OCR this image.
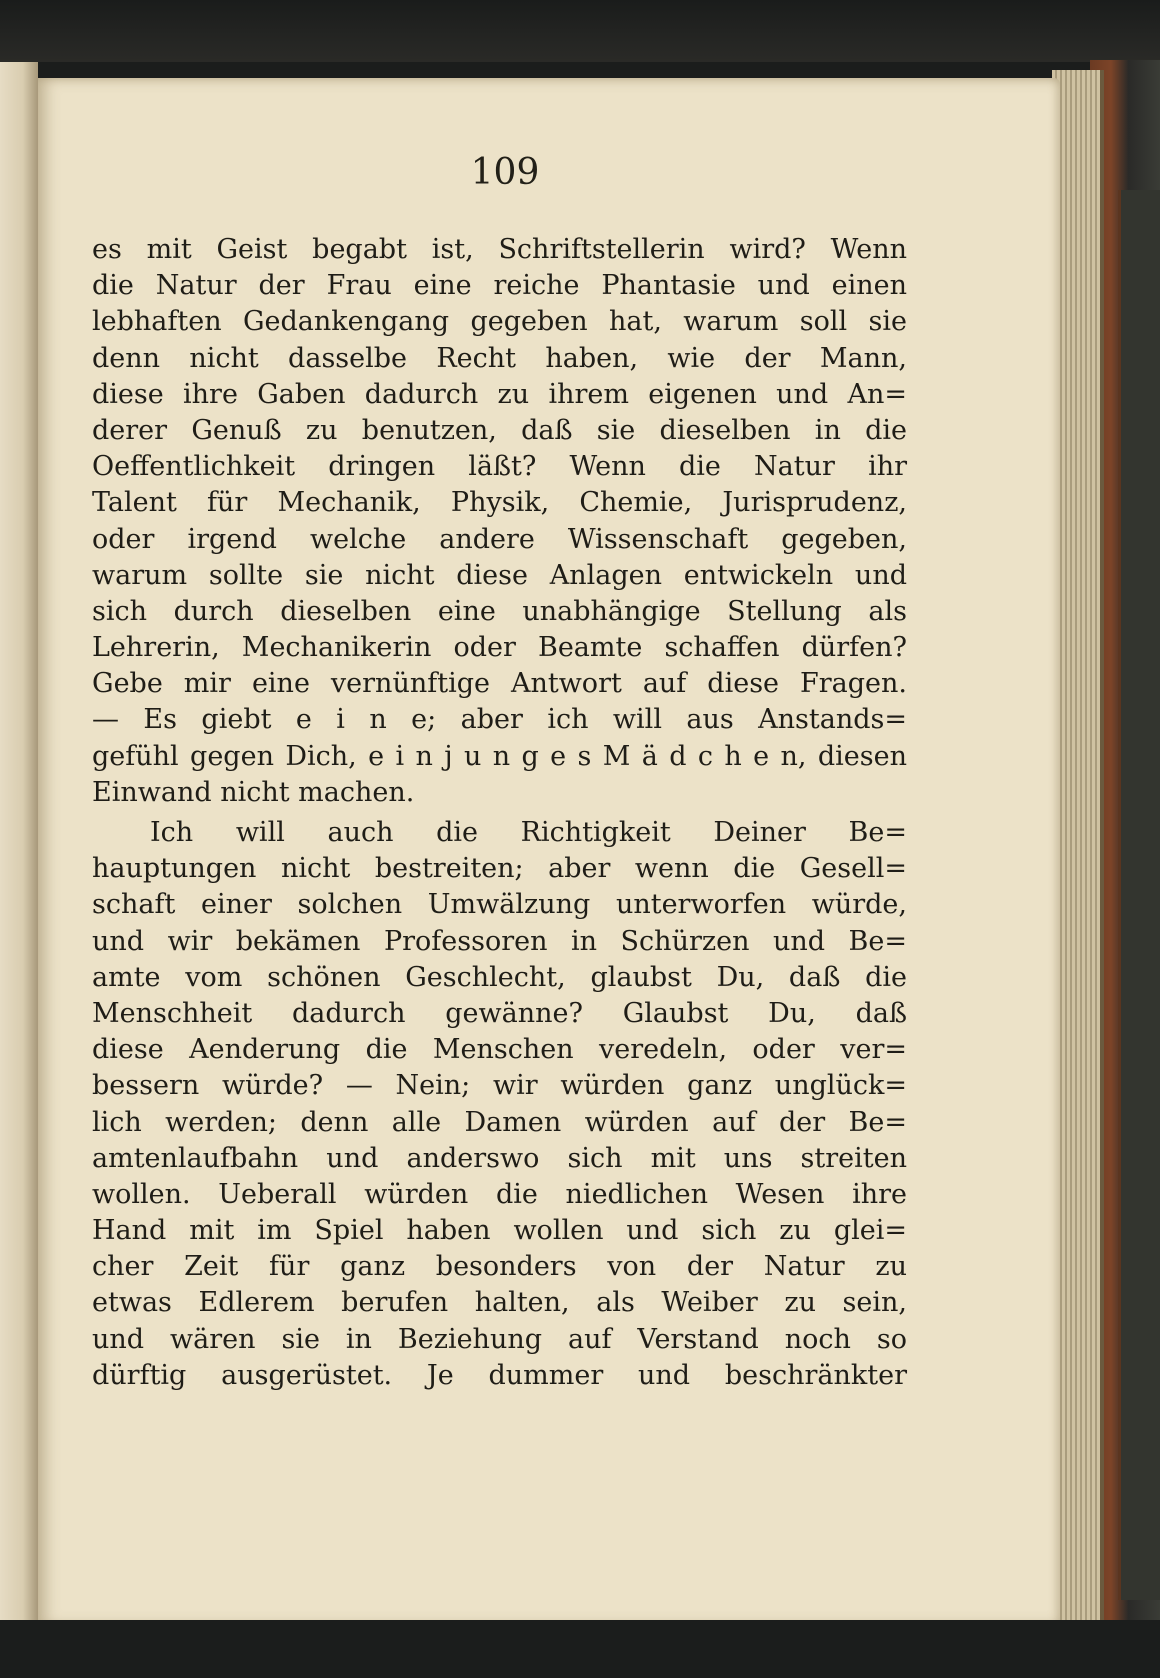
109
es mit Geist begabt ist, Schriftstellerin wird? Wenn
die Natur der Frau eine reiche Phantasie und einen
lebhaften Gedankengang gegeben hat, warum soll sie
denn nicht dasselbe Recht haben, wie der Mann,
diese ihre Gaben dadurch zu ihrem eigenen und An=
derer Genuß zu benutzen, daß sie dieselben in die
Oeffentlichkeit dringen läßt? Wenn die Natur ihr
Talent für Mechanik, Physik, Chemie, Jurisprudenz,
oder irgend welche andere Wissenschaft gegeben,
warum sollte sie nicht diese Anlagen entwickeln und
sich durch dieselben eine unabhängige Stellung als
Lehrerin, Mechanikerin oder Beamte schaffen dürfen?
Gebe mir eine vernünftige Antwort auf diese Fragen.
— Es giebt e i n e; aber ich will aus Anstands=
gefühl gegen Dich, e i n j u n g e s M ä d c h e n, diesen
Einwand nicht machen.
Ich will auch die Richtigkeit Deiner Be=
hauptungen nicht bestreiten; aber wenn die Gesell=
schaft einer solchen Umwälzung unterworfen würde,
und wir bekämen Professoren in Schürzen und Be=
amte vom schönen Geschlecht, glaubst Du, daß die
Menschheit dadurch gewänne? Glaubst Du, daß
diese Aenderung die Menschen veredeln, oder ver=
bessern würde? — Nein; wir würden ganz unglück=
lich werden; denn alle Damen würden auf der Be=
amtenlaufbahn und anderswo sich mit uns streiten
wollen. Ueberall würden die niedlichen Wesen ihre
Hand mit im Spiel haben wollen und sich zu glei=
cher Zeit für ganz besonders von der Natur zu
etwas Edlerem berufen halten, als Weiber zu sein,
und wären sie in Beziehung auf Verstand noch so
dürftig ausgerüstet. Je dummer und beschränkter
